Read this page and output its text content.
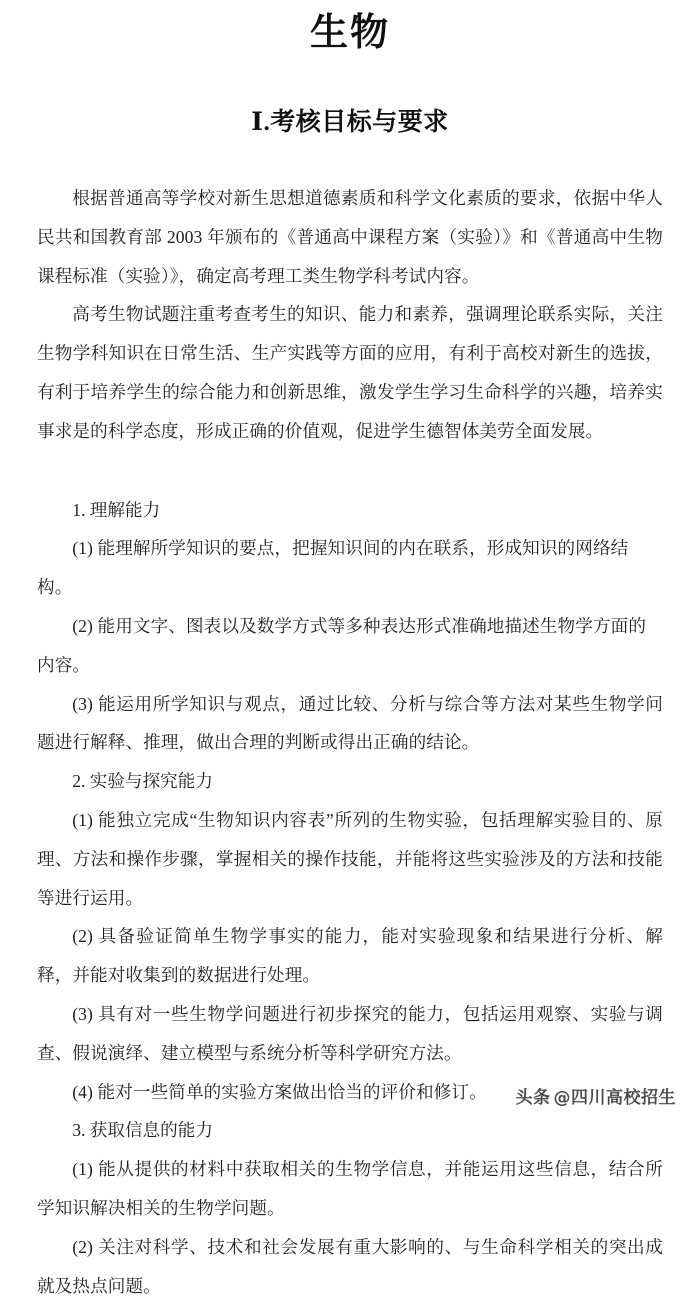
生物
Ⅰ.考核目标与要求

根据普通高等学校对新生思想道德素质和科学文化素质的要求，依据中华人民共和国教育部 2003 年颁布的《普通高中课程方案（实验）》和《普通高中生物课程标准（实验）》，确定高考理工类生物学科考试内容。

高考生物试题注重考查考生的知识、能力和素养，强调理论联系实际，关注生物学科知识在日常生活、生产实践等方面的应用，有利于高校对新生的选拔，有利于培养学生的综合能力和创新思维，激发学生学习生命科学的兴趣，培养实事求是的科学态度，形成正确的价值观，促进学生德智体美劳全面发展。

1. 理解能力

(1) 能理解所学知识的要点，把握知识间的内在联系，形成知识的网络结构。

(2) 能用文字、图表以及数学方式等多种表达形式准确地描述生物学方面的内容。

(3) 能运用所学知识与观点，通过比较、分析与综合等方法对某些生物学问题进行解释、推理，做出合理的判断或得出正确的结论。

2. 实验与探究能力

(1) 能独立完成“生物知识内容表”所列的生物实验，包括理解实验目的、原理、方法和操作步骤，掌握相关的操作技能，并能将这些实验涉及的方法和技能等进行运用。

(2) 具备验证简单生物学事实的能力，能对实验现象和结果进行分析、解释，并能对收集到的数据进行处理。

(3) 具有对一些生物学问题进行初步探究的能力，包括运用观察、实验与调查、假说演绎、建立模型与系统分析等科学研究方法。

(4) 能对一些简单的实验方案做出恰当的评价和修订。

3. 获取信息的能力

(1) 能从提供的材料中获取相关的生物学信息，并能运用这些信息，结合所学知识解决相关的生物学问题。

(2) 关注对科学、技术和社会发展有重大影响的、与生命科学相关的突出成就及热点问题。

头条 @四川高校招生
